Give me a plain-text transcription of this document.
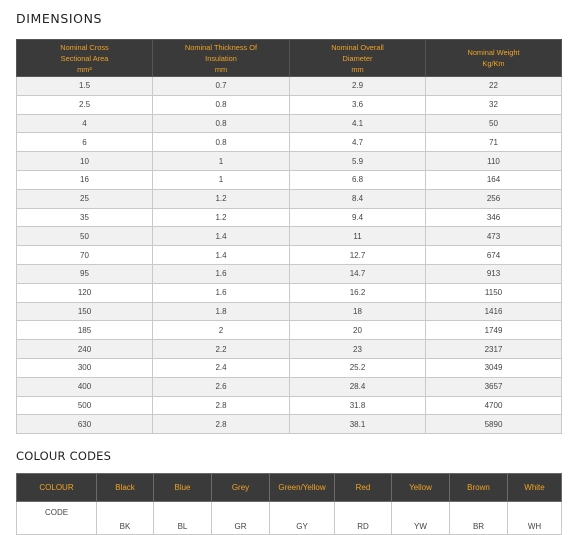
DIMENSIONS
Nominal Cross
Sectional Area
mm²	Nominal Thickness Of
Insulation
mm	Nominal Overall
Diameter
mm	Nominal Weight
Kg/Km

1.5	0.7	2.9	22
2.5	0.8	3.6	32
4	0.8	4.1	50
6	0.8	4.7	71
10	1	5.9	110
16	1	6.8	164
25	1.2	8.4	256
35	1.2	9.4	346
50	1.4	11	473
70	1.4	12.7	674
95	1.6	14.7	913
120	1.6	16.2	1150
150	1.8	18	1416
185	2	20	1749
240	2.2	23	2317
300	2.4	25.2	3049
400	2.6	28.4	3657
500	2.8	31.8	4700
630	2.8	38.1	5890
COLOUR CODES
COLOUR	Black	Blue	Grey	Green/Yellow	Red	Yellow	Brown	White
CODE	BK	BL	GR	GY	RD	YW	BR	WH
